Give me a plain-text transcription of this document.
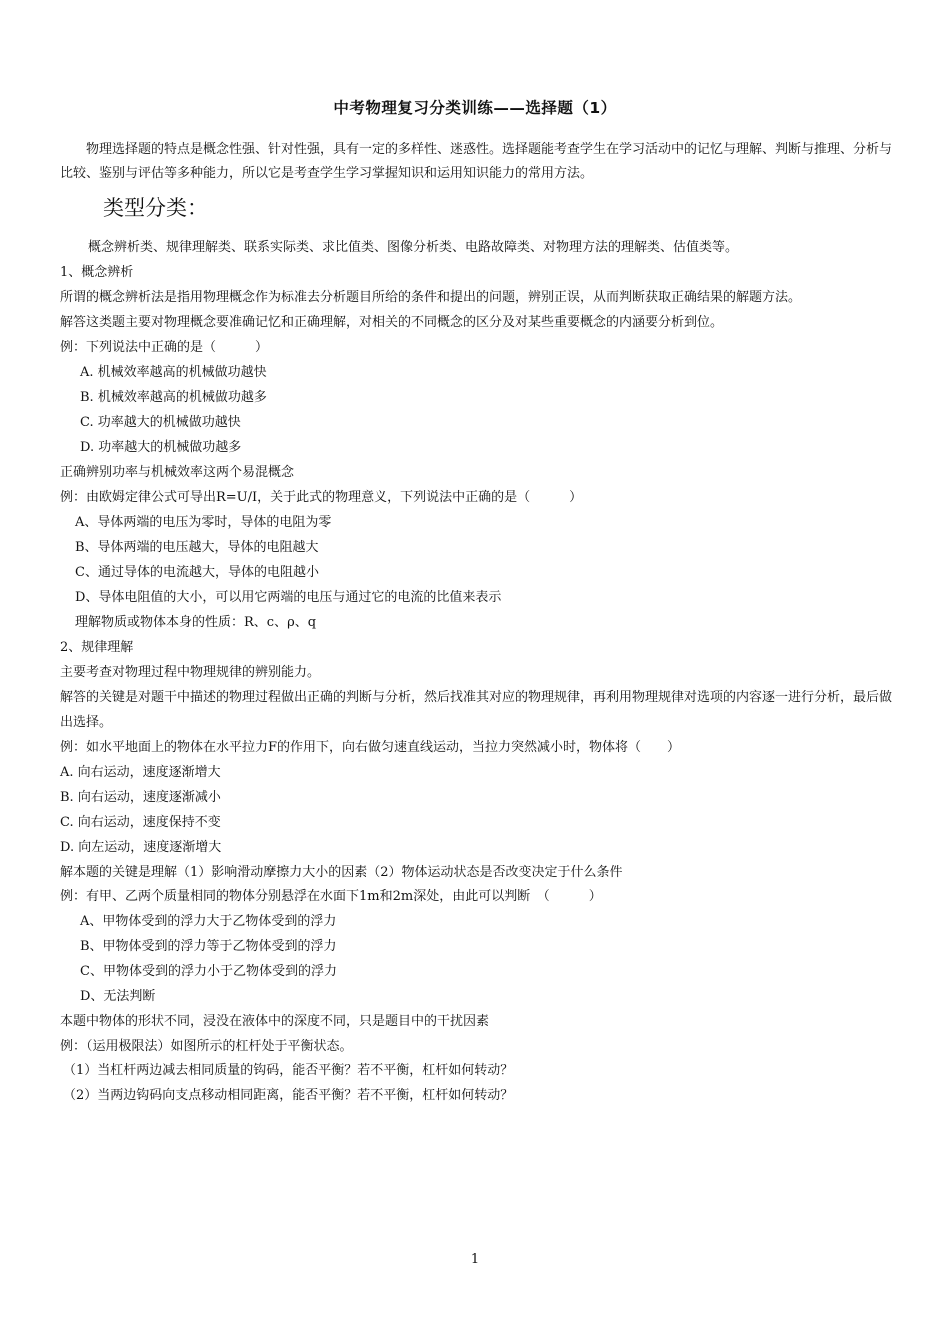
中考物理复习分类训练——选择题（1）
物理选择题的特点是概念性强、针对性强，具有一定的多样性、迷惑性。选择题能考查学生在学习活动中的记忆与理解、判断与推理、分析与比较、鉴别与评估等多种能力，所以它是考查学生学习掌握知识和运用知识能力的常用方法。
类型分类：
概念辨析类、规律理解类、联系实际类、求比值类、图像分析类、电路故障类、对物理方法的理解类、估值类等。
1、概念辨析
所谓的概念辨析法是指用物理概念作为标准去分析题目所给的条件和提出的问题，辨别正误，从而判断获取正确结果的解题方法。
解答这类题主要对物理概念要准确记忆和正确理解，对相关的不同概念的区分及对某些重要概念的内涵要分析到位。
例：下列说法中正确的是（　　　）
A. 机械效率越高的机械做功越快
B. 机械效率越高的机械做功越多
C. 功率越大的机械做功越快
D. 功率越大的机械做功越多
正确辨别功率与机械效率这两个易混概念
例：由欧姆定律公式可导出R=U/I，关于此式的物理意义，下列说法中正确的是（　　　）
A、导体两端的电压为零时，导体的电阻为零
B、导体两端的电压越大，导体的电阻越大
C、通过导体的电流越大，导体的电阻越小
D、导体电阻值的大小，可以用它两端的电压与通过它的电流的比值来表示
理解物质或物体本身的性质：R、c、ρ、q
2、规律理解
主要考查对物理过程中物理规律的辨别能力。
解答的关键是对题干中描述的物理过程做出正确的判断与分析，然后找准其对应的物理规律，再利用物理规律对选项的内容逐一进行分析，最后做出选择。
例：如水平地面上的物体在水平拉力F的作用下，向右做匀速直线运动，当拉力突然减小时，物体将（　　）
A. 向右运动，速度逐渐增大
B. 向右运动，速度逐渐减小
C. 向右运动，速度保持不变
D. 向左运动，速度逐渐增大
解本题的关键是理解（1）影响滑动摩擦力大小的因素（2）物体运动状态是否改变决定于什么条件
例：有甲、乙两个质量相同的物体分别悬浮在水面下1m和2m深处，由此可以判断　（　　　）
A、甲物体受到的浮力大于乙物体受到的浮力
B、甲物体受到的浮力等于乙物体受到的浮力
C、甲物体受到的浮力小于乙物体受到的浮力
D、无法判断
本题中物体的形状不同，浸没在液体中的深度不同，只是题目中的干扰因素
例：（运用极限法）如图所示的杠杆处于平衡状态。
（1）当杠杆两边减去相同质量的钩码，能否平衡？若不平衡，杠杆如何转动？
（2）当两边钩码向支点移动相同距离，能否平衡？若不平衡，杠杆如何转动？
1
